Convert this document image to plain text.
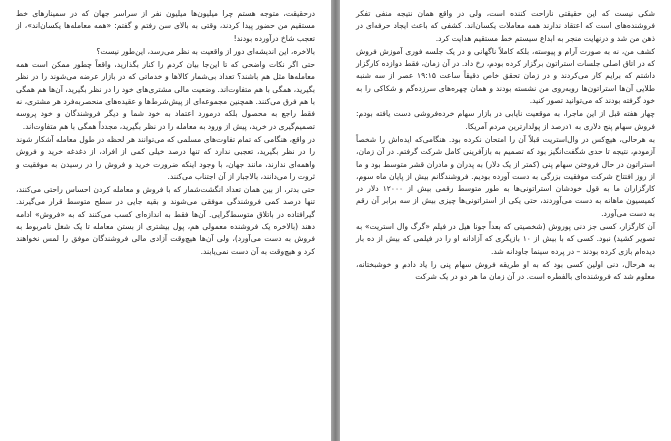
درحقیقت، متوجه هستم چرا میلیون‌ها میلیون نفر از سراسر جهان که در سمینارهای خط مستقیم من حضور پیدا کردند، وقتی به بالای سن رفتم و گفتم: «همه معامله‌ها یکسان‌اند»، از تعجب شاخ درآورده بودند!

بالاخره، این اندیشه‌ای دور از واقعیت به نظر می‌رسد، این‌طور نیست؟

حتی اگر نکات واضحی که تا این‌جا بیان کردم را کنار بگذارید، واقعاً چطور ممکن است همه معامله‌ها مثل هم باشند؟ تعداد بی‌شمار کالاها و خدماتی که در بازار عرضه می‌شوند را در نظر بگیرید، همگی با هم متفاوت‌اند. وضعیت مالی مشتری‌های خود را در نظر بگیرید، آن‌ها هم همگی با هم فرق می‌کنند. همچنین مجموعه‌ای از پیش‌شرط‌ها و عقیده‌های منحصربه‌فرد هر مشتری، نه فقط راجع به محصول بلکه درمورد اعتماد به خود شما و دیگر فروشندگان و خود پروسه تصمیم‌گیری در خرید، پیش از ورود به معامله را در نظر بگیرید، مجدداً همگی با هم متفاوت‌اند.

در واقع، هنگامی که تمام تفاوت‌های مسلمی که می‌توانند هر لحظه در طول معامله آشکار شوند را در نظر بگیرید، تعجبی ندارد که تنها درصد خیلی کمی از افراد، از دغدغه خرید و فروش واهمه‌ای ندارند، مانند جهان، با وجود اینکه ضرورت خرید و فروش را در رسیدن به موفقیت و ثروت را می‌دانند، بالاجبار از آن اجتناب می‌کنند.

حتی بدتر، از بین همان تعداد انگشت‌شمار که با فروش و معامله کردن احساس راحتی می‌کنند، تنها درصد کمی فروشندگی موفقی می‌شوند و بقیه جایی در سطح متوسط قرار می‌گیرند. گیرافتاده در باتلاق متوسط‌گرایی. آن‌ها فقط به اندازه‌ای کسب می‌کنند که به «فروش» ادامه دهند (بالاخره یک فروشنده معمولی هم، پول بیشتری از بستن معامله تا یک شغل نامربوط به فروش به دست می‌آورد)، ولی آن‌ها هیچ‌وقت آزادی مالی فروشندگان موفق را لمس نخواهند کرد و هیچ‌وقت به آن دست نمی‌یابند.

شکی نیست که این حقیقتی ناراحت کننده است، ولی در واقع همان نتیجه منفی تفکر فروشنده‌های است که اعتقاد ندارند همه معاملات یکسان‌اند. کشفی که باعث ایجاد حرفه‌ای در ذهن من شد و درنهایت منجر به ابداع سیستم خط مستقیم هدایت کرد.

کشف من، نه به صورت آرام و پیوسته، بلکه کاملاً ناگهانی و در یک جلسه فوری آموزش فروش که در اتاق اصلی جلسات استراتون برگزار کرده بودم، رخ داد. در آن زمان، فقط دوازده کارگزار داشتم که برایم کار می‌کردند و در زمان تحقق خاص دقیقاً ساعت ۱۹:۱۵ عصر از سه شنبه طلایی آن‌ها استراتون‌ها روبه‌روی من نشسته بودند و همان چهره‌های سرزده‌گم و شکاکی را به خود گرفته بودند که می‌توانید تصور کنید.

چهار هفته قبل از این ماجرا، به موقعیت نایابی در بازار سهام خرده‌فروشی دست یافته بودم: فروش سهام پنج دلاری به ۱درصد از پولدارترین مردم آمریکا.

به هرحالی، هیچ‌کس در وال‌استریت قبلاً آن را امتحان نکرده بود. هنگامی‌که ایده‌اش را شخصاً آزمودم، نتیجه تا حدی شگفت‌انگیز بود که تصمیم به بازآفرینی کامل شرکت گرفتم. در آن زمان، استراتون در حال فروختن سهام پنی (کمتر از یک دلار) به پدران و مادران قشر متوسط بود و ما از روز افتتاح شرکت موفقیت بزرگی به دست آورده بودیم. فروشندگانم بیش از پایان ماه سوم، کارگزاران ما به قول خودشان استراتونی‌ها به طور متوسط رقمی بیش از ۱۲۰۰۰ دلار در کمیسیون ماهانه به دست می‌آوردند، حتی یکی از استراتونی‌ها چیزی بیش از سه برابر آن رقم به دست می‌آورد.

آن کارگزار، کسی جز دنی پوروش (شخصیتی که بعداً جونا هیل در فیلم «گرگ وال استریت» به تصویر کشید) نبود. کسی که با بیش از ۱۰ بازیگری که آزادانه او را در فیلمی که بیش از ده بار دیده‌ام بازی کرده بودند – در پرده سینما جاودانه شد.

به هرحال، دنی اولین کسی بود که به او طریقه فروش سهام پنی را یاد دادم و خوشبختانه، معلوم شد که فروشنده‌ای بالفطره است. در آن زمان ما هر دو در یک شرکت
